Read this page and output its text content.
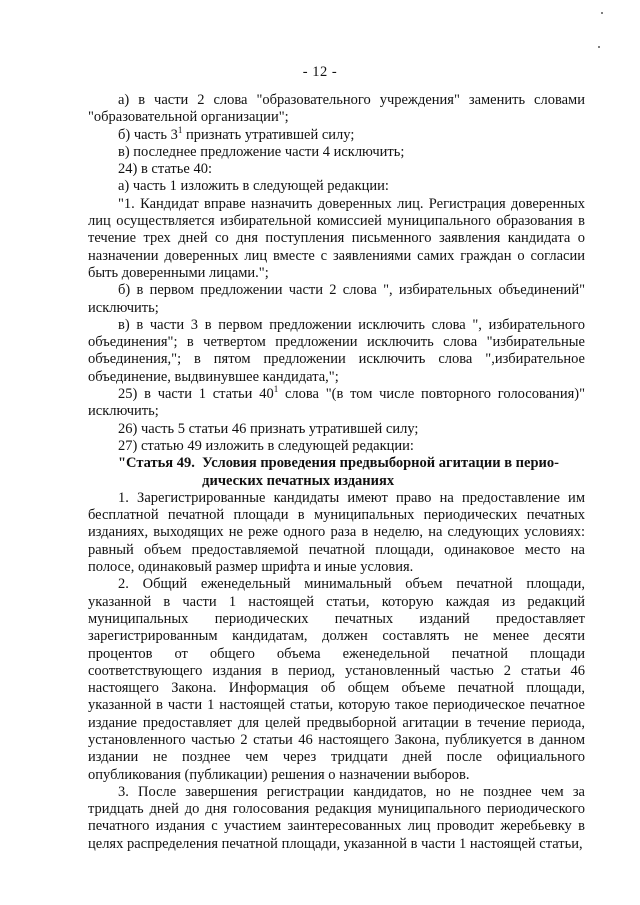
- 12 -

а) в части 2 слова "образовательного учреждения" заменить словами "образовательной организации";

б) часть $3^1$ признать утратившей силу;

в) последнее предложение части 4 исключить;

24) в статье 40:

а) часть 1 изложить в следующей редакции:

"1. Кандидат вправе назначить доверенных лиц. Регистрация доверенных лиц осуществляется избирательной комиссией муниципального образования в течение трех дней со дня поступления письменного заявления кандидата о назначении доверенных лиц вместе с заявлениями самих граждан о согласии быть доверенными лицами.";

б) в первом предложении части 2 слова ", избирательных объединений" исключить;

в) в части 3 в первом предложении исключить слова ", избирательного объединения"; в четвертом предложении исключить слова "избирательные объединения,"; в пятом предложении исключить слова ",избирательное объединение, выдвинувшее кандидата,";

25) в части 1 статьи $40^1$ слова "(в том числе повторного голосования)" исключить;

26) часть 5 статьи 46 признать утратившей силу;

27) статью 49 изложить в следующей редакции:

"Статья 49.
Условия проведения предвыборной агитации в перио-
дических печатных изданиях

1. Зарегистрированные кандидаты имеют право на предоставление им бесплатной печатной площади в муниципальных периодических печатных изданиях, выходящих не реже одного раза в неделю, на следующих условиях: равный объем предоставляемой печатной площади, одинаковое место на полосе, одинаковый размер шрифта и иные условия.

2. Общий еженедельный минимальный объем печатной площади, указанной в части 1 настоящей статьи, которую каждая из редакций муниципальных периодических печатных изданий предоставляет зарегистрированным кандидатам, должен составлять не менее десяти процентов от общего объема еженедельной печатной площади соответствующего издания в период, установленный частью 2 статьи 46 настоящего Закона. Информация об общем объеме печатной площади, указанной в части 1 настоящей статьи, которую такое периодическое печатное издание предоставляет для целей предвыборной агитации в течение периода, установленного частью 2 статьи 46 настоящего Закона, публикуется в данном издании не позднее чем через тридцати дней после официального опубликования (публикации) решения о назначении выборов.

3. После завершения регистрации кандидатов, но не позднее чем за тридцать дней до дня голосования редакция муниципального периодического печатного издания с участием заинтересованных лиц проводит жеребьевку в целях распределения печатной площади, указанной в части 1 настоящей статьи,
